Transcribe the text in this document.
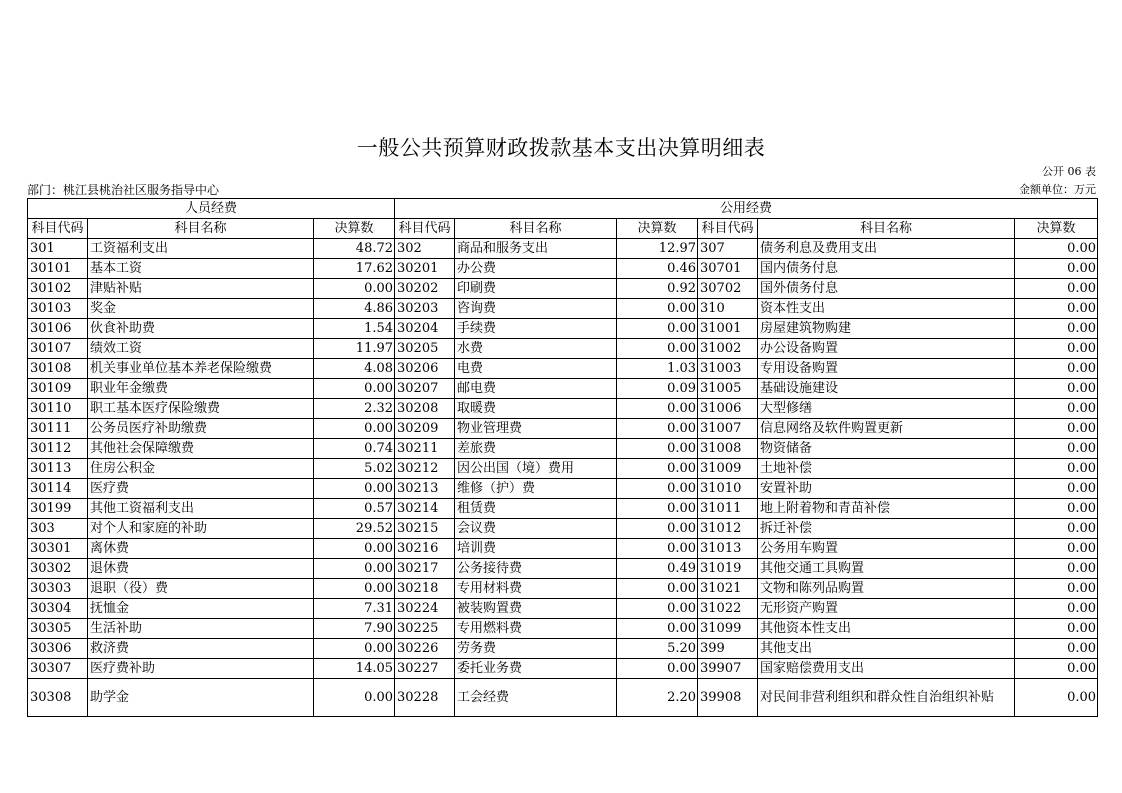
一般公共预算财政拨款基本支出决算明细表
公开 06 表
部门：桃江县桃治社区服务指导中心	金额单位：万元
人员经费			公用经费					
科目代码	科目名称	决算数	科目代码	科目名称	决算数	科目代码	科目名称	决算数
301	工资福利支出	48.72	302	商品和服务支出	12.97	307	债务利息及费用支出	0.00
30101	基本工资	17.62	30201	办公费	0.46	30701	国内债务付息	0.00
30102	津贴补贴	0.00	30202	印刷费	0.92	30702	国外债务付息	0.00
30103	奖金	4.86	30203	咨询费	0.00	310	资本性支出	0.00
30106	伙食补助费	1.54	30204	手续费	0.00	31001	房屋建筑物购建	0.00
30107	绩效工资	11.97	30205	水费	0.00	31002	办公设备购置	0.00
30108	机关事业单位基本养老保险缴费	4.08	30206	电费	1.03	31003	专用设备购置	0.00
30109	职业年金缴费	0.00	30207	邮电费	0.09	31005	基础设施建设	0.00
30110	职工基本医疗保险缴费	2.32	30208	取暖费	0.00	31006	大型修缮	0.00
30111	公务员医疗补助缴费	0.00	30209	物业管理费	0.00	31007	信息网络及软件购置更新	0.00
30112	其他社会保障缴费	0.74	30211	差旅费	0.00	31008	物资储备	0.00
30113	住房公积金	5.02	30212	因公出国（境）费用	0.00	31009	土地补偿	0.00
30114	医疗费	0.00	30213	维修（护）费	0.00	31010	安置补助	0.00
30199	其他工资福利支出	0.57	30214	租赁费	0.00	31011	地上附着物和青苗补偿	0.00
303	对个人和家庭的补助	29.52	30215	会议费	0.00	31012	拆迁补偿	0.00
30301	离休费	0.00	30216	培训费	0.00	31013	公务用车购置	0.00
30302	退休费	0.00	30217	公务接待费	0.49	31019	其他交通工具购置	0.00
30303	退职（役）费	0.00	30218	专用材料费	0.00	31021	文物和陈列品购置	0.00
30304	抚恤金	7.31	30224	被装购置费	0.00	31022	无形资产购置	0.00
30305	生活补助	7.90	30225	专用燃料费	0.00	31099	其他资本性支出	0.00
30306	救济费	0.00	30226	劳务费	5.20	399	其他支出	0.00
30307	医疗费补助	14.05	30227	委托业务费	0.00	39907	国家赔偿费用支出	0.00
30308	助学金	0.00	30228	工会经费	2.20	39908	对民间非营利组织和群众性自治组织补贴	0.00
